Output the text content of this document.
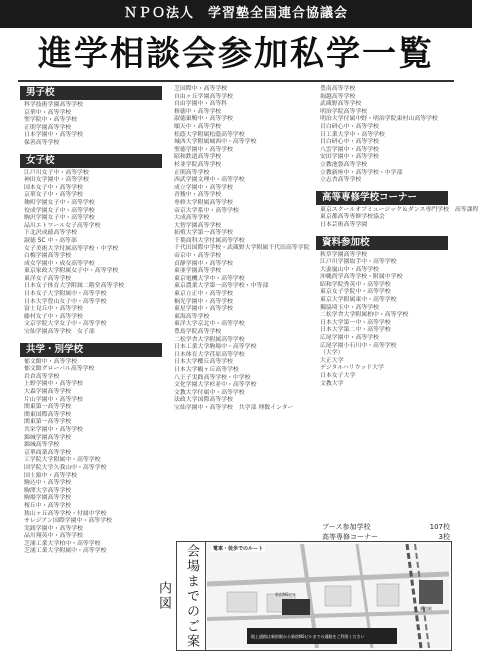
ＮＰＯ法人　学習塾全国連合協議会
進学相談会参加私学一覧
男子校
科学技術学園高等学校
京華中・高等学校
聖学院中・高等学校
正則学園高等学校
日本学園中・高等学校
保善高等学校
女子校
江戸川女子中・高等学校
神田女学園中・高等学校
国本女子中・高等学校
京華女子中・高等学校
麹町学園女子中・高等学校
佼成学園女子中・高等学校
駒沢学園女子中・高等学校
品川エトワール女子高等学校
下北沢成徳高等学校
淑徳 SC 中・高等部
女子美術大学付属高等学校・中学校
白梅学園高等学校
成女学園中・成女高等学校
東京家政大学附属女子中・高等学校
東洋女子高等学校
日本女子体育大学附属二階堂高等学校
日本女子大学附属中・高等学校
日本大学豊山女子中・高等学校
富士見丘中・高等学校
藤村女子中・高等学校
文京学院大学女子中・高等学校
宝仙学園高等学校　女子部
共学・別学校
郁文館中・高等学校
郁文館グローバル高等学校
岩倉高等学校
上野学園中・高等学校
大森学園高等学校
片山学園中・高等学校
関東第一高等学校
関東国際高等学校
関東第一高等学校
共栄学園中・高等学校
錦城学園高等学校
錦城高等学校
京華商業高等学校
工学院大学附属中・高等学校
国学院大学久我山中・高等学校
国士舘中・高等学校
駒込中・高等学校
駒澤大学高等学校
駒場学園高等学校
桜丘中・高等学校
狭山ヶ丘高等学校・付属中学校
サレジアン国際学園中・高等学校
実践学園中・高等学校
品川翔英中・高等学校
芝浦工業大学柏中・高等学校
芝浦工業大学附属中・高等学校
芝国際中・高等学校
自由ヶ丘学園高等学校
自由学園中・高等科
修徳中・高等学校
淑徳巣鴨中・高等学校
順天中・高等学校
松蔭大学附属松蔭高等学校
城西大学附属城西中・高等学校
聖徳学園中・高等学校
昭和鉄道高等学校
杉並学院高等学校
正則高等学校
西武学園文理中・高等学校
成立学園中・高等学校
青稜中・高等学校
専修大学附属高等学校
帝京大学系中・高等学校
大成高等学校
大智学園高等学校
拓殖大学第一高等学校
千葉商科大学付属高等学校
千代田国際中学校・武蔵野大学附属千代田高等学院
帝京中・高等学校
貞静学園中・高等学校
東亜学園高等学校
東京電機大学中・高等学校
東京農業大学第一高等学校・中等部
東京立正中・高等学校
桐光学園中・高等学校
東星学園中・高等学校
東海高等学校
東洋大学京北中・高等学校
豊島学院高等学校
二松学舎大学附属高等学校
日本工業大学駒場中・高等学校
日本体育大学荏原高等学校
日本大学櫻丘高等学校
日本大学鶴ヶ丘高等学校
八王子実践高等学校・中学校
文化学園大学杉並中・高等学校
文教大学付属中・高等学校
法政大学国際高等学校
宝仙学園中・高等学校　共学部 理数インター
豊南高等学校
堀越高等学校
武蔵野高等学校
明治学院高等学校
明治大学付属中野・明治学院東村山高等学校
目白研心中・高等学校
日工業大学中・高等学校
目白研心中・高等学校
八雲学園中・高等学校
安田学園中・高等学校
立教池袋高等学校
立教新座中・高等学校・中学部
立志舎高等学校
高等専修学校コーナー
東京スクールオブミュージック＆ダンス専門学校　高等課程
東京都高等専修学校協会
日本芸術高等学園
資料参加校
秋草学園高等学校
江戸川学園取手中・高等学校
大妻嵐山中・高等学校
沖縄尚学高等学校・附属中学校
昭和学院秀英中・高等学校
東京女子学院中・高等学校
東京大学附属東中・高等学校
獨協埼玉中・高等学校
二松学舎大学附属柏中・高等学校
日本大学第一中・高等学校
日本大学第二中・高等学校
広尾学園中・高等学校
広尾学園小石川中・高等学校
（大学）
大正大学
デジタルハリウッド大学
日本女子大学
文教大学
ブース参加学校	107校
高等専修コーナー	3校
会場までのご案内図	新宿NSビル
新宿駅
地上通路は新宿駅から新宿NSビルまでの通路をご利用ください
電車・徒歩でのルート
